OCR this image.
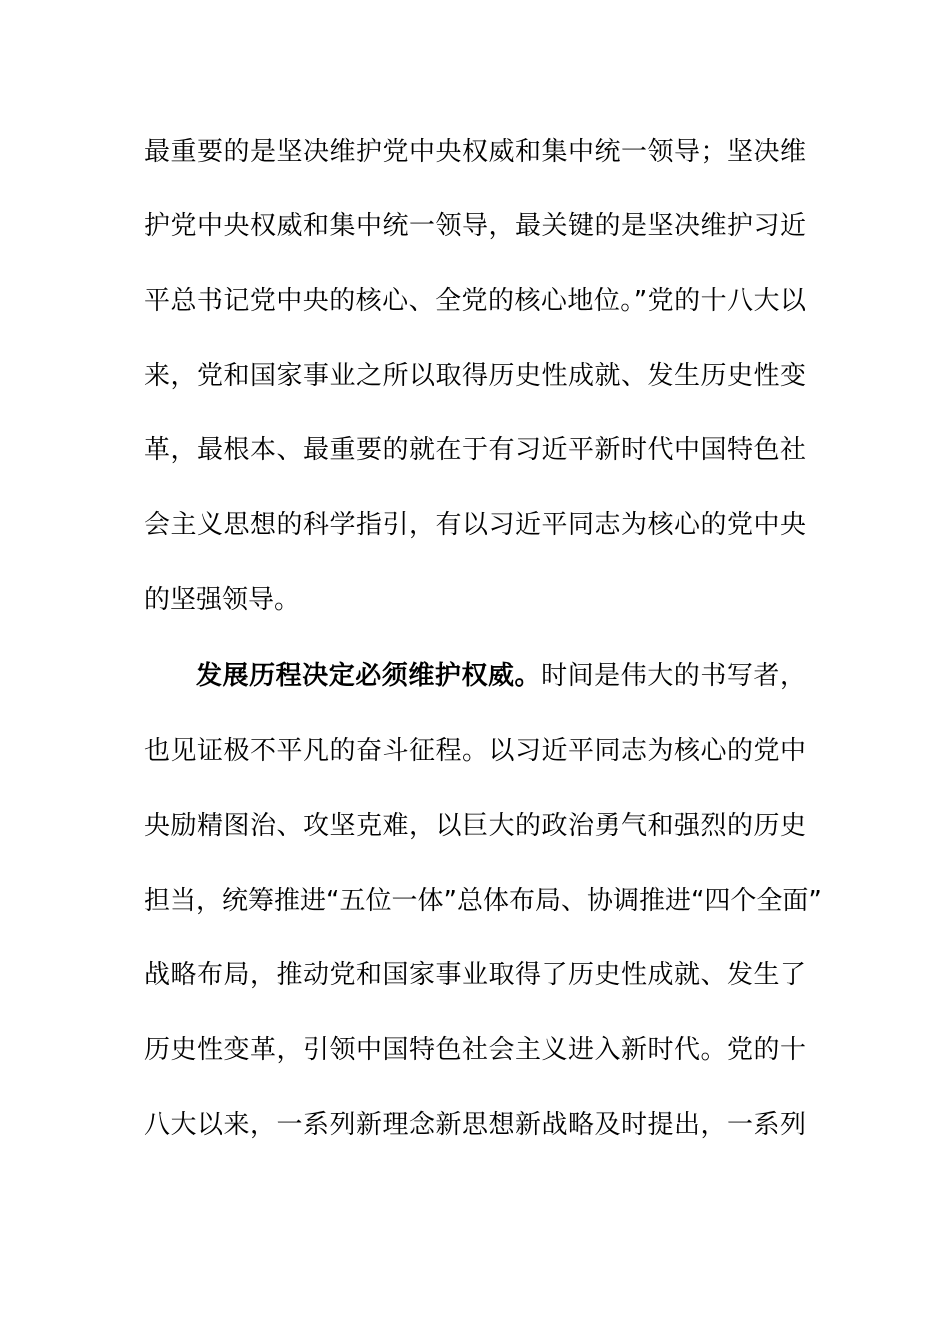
最重要的是坚决维护党中央权威和集中统一领导；坚决维
护党中央权威和集中统一领导，最关键的是坚决维护习近
平总书记党中央的核心、全党的核心地位。”党的十八大以
来，党和国家事业之所以取得历史性成就、发生历史性变
革，最根本、最重要的就在于有习近平新时代中国特色社
会主义思想的科学指引，有以习近平同志为核心的党中央
的坚强领导。
发展历程决定必须维护权威。时间是伟大的书写者，
也见证极不平凡的奋斗征程。以习近平同志为核心的党中
央励精图治、攻坚克难，以巨大的政治勇气和强烈的历史
担当，统筹推进“五位一体”总体布局、协调推进“四个全面”
战略布局，推动党和国家事业取得了历史性成就、发生了
历史性变革，引领中国特色社会主义进入新时代。党的十
八大以来，一系列新理念新思想新战略及时提出，一系列
